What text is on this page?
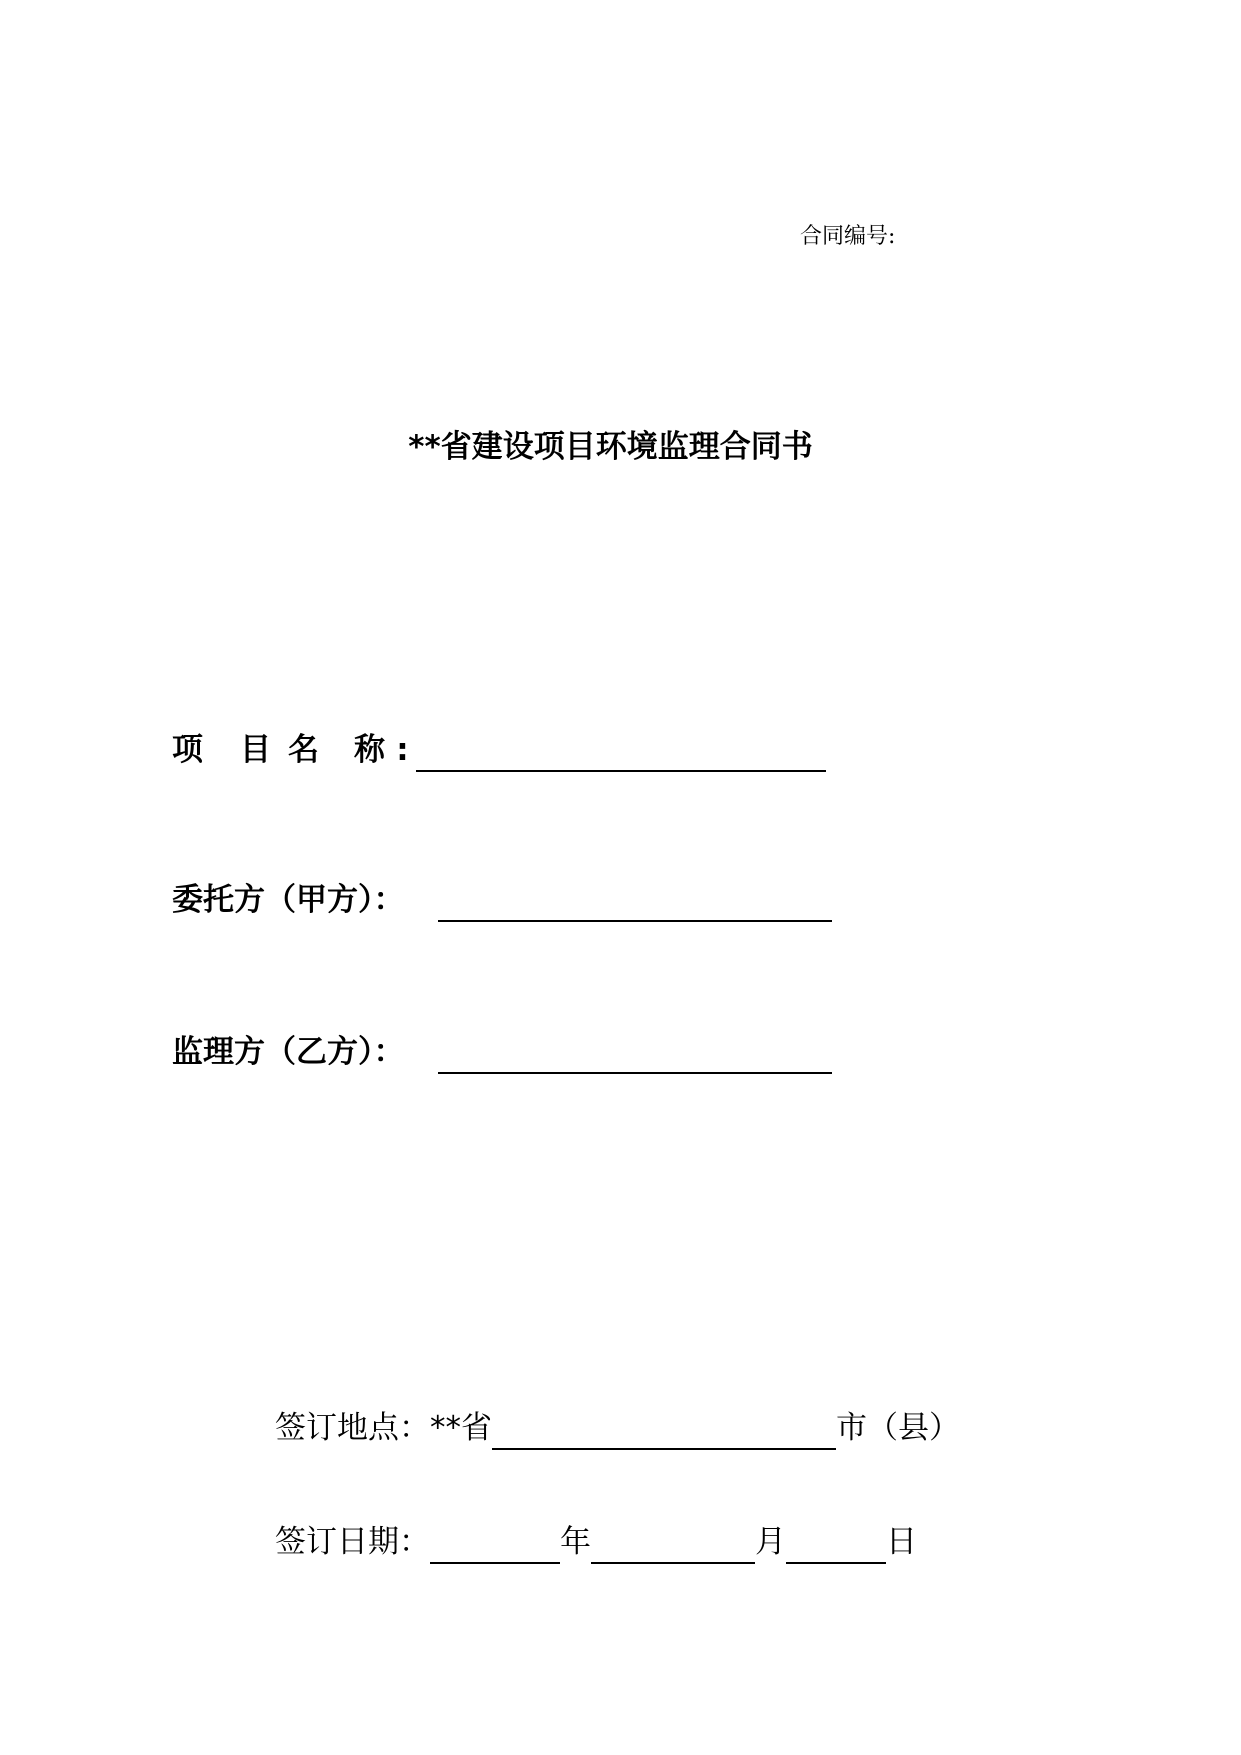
合同编号:
**省建设项目环境监理合同书
项	目 名	称 :
委托方（甲方）：
监理方（乙方）：
签订地点： **省	市（县）
签订日期：	年	月	日
